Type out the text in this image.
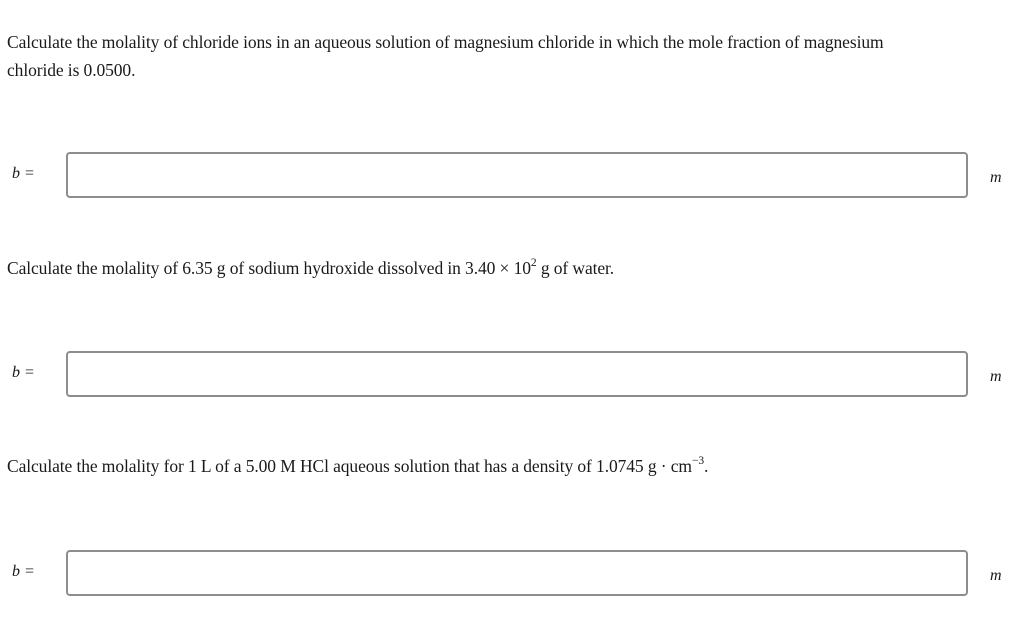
Calculate the molality of chloride ions in an aqueous solution of magnesium chloride in which the mole fraction of magnesium
chloride is 0.0500.
b =	m
Calculate the molality of 6.35 g of sodium hydroxide dissolved in $3.40 \times 10^2$ g of water.
b =	m
Calculate the molality for 1 L of a 5.00 M HCl aqueous solution that has a density of 1.0745 $g \cdot cm^{-3}$.
b =	m
